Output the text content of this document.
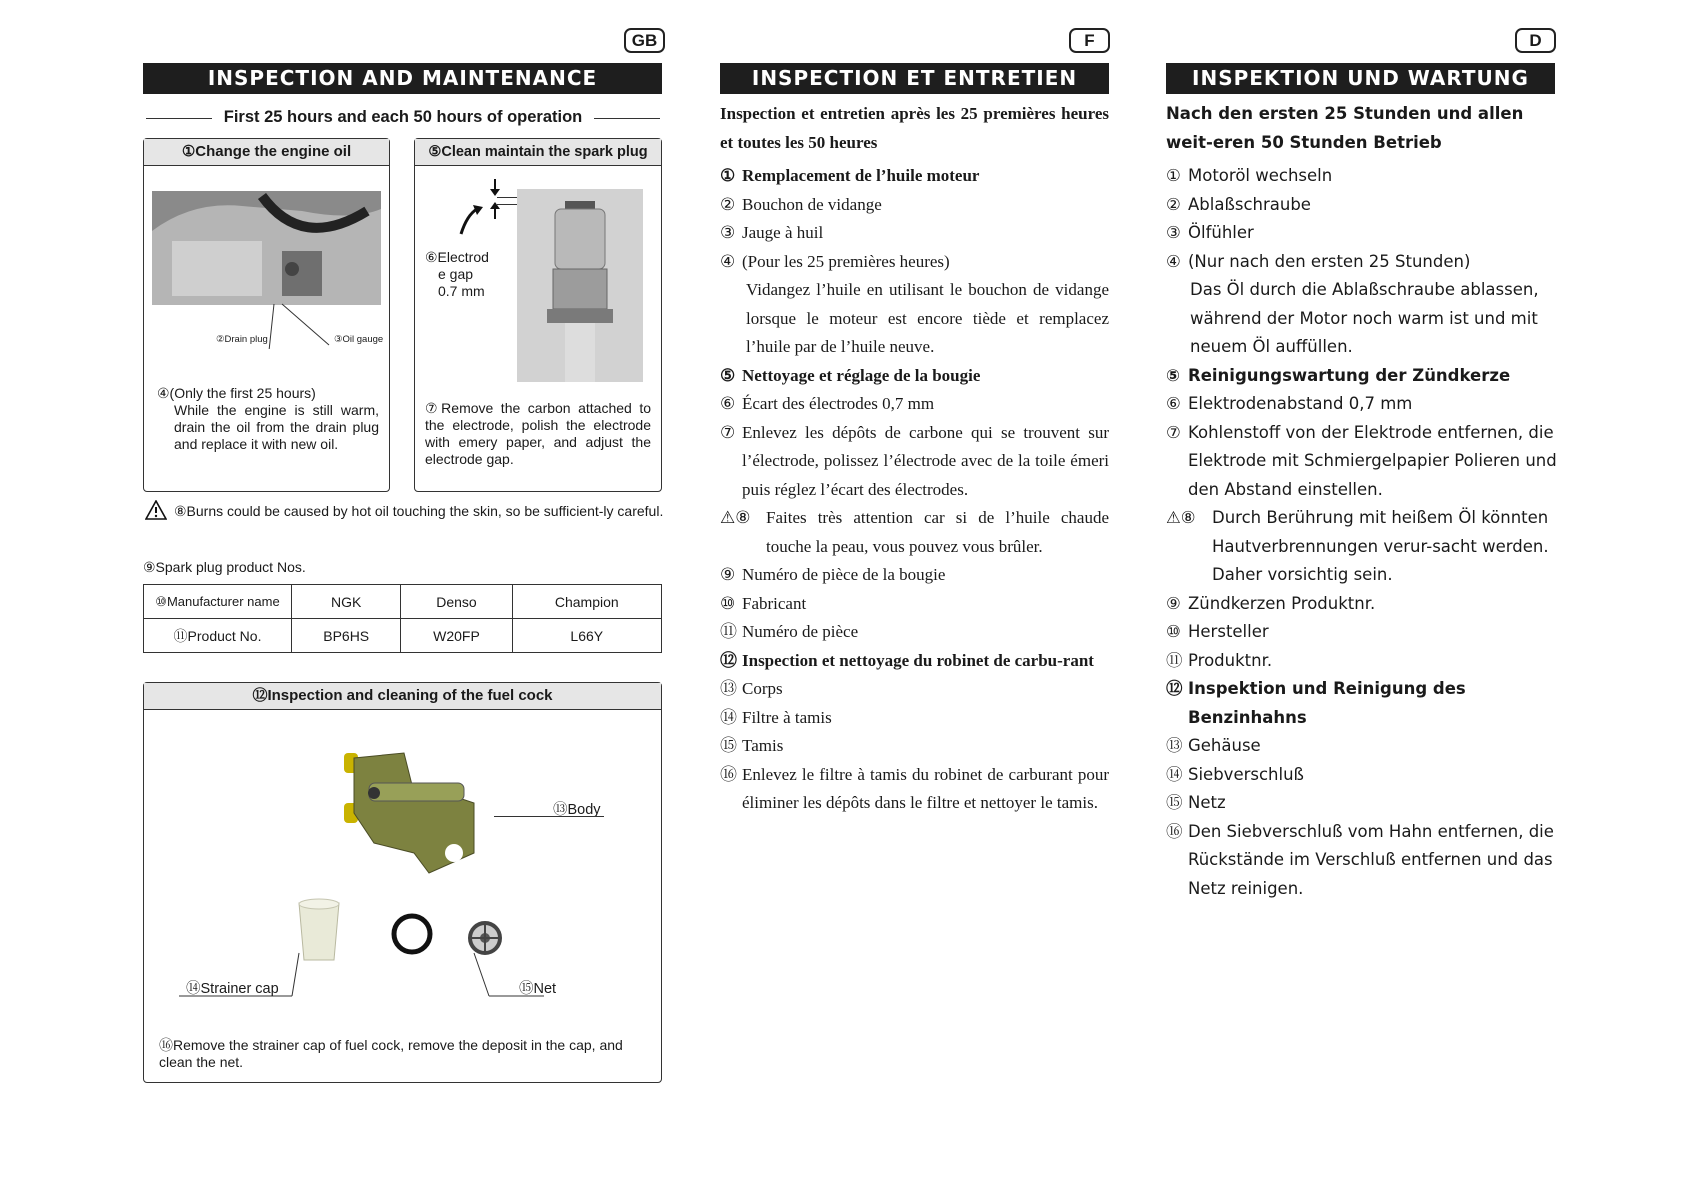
GB
INSPECTION AND MAINTENANCE
First 25 hours and each 50 hours of operation
①Change the engine oil
②Drain plug	③Oil gauge
④(Only the first 25 hours)
While the engine is still warm, drain the oil from the drain plug and replace it with new oil.
⑤Clean maintain the spark plug
⑥Electrod
e gap
0.7 mm
⑦Remove the carbon attached to the electrode, polish the electrode with emery paper, and adjust the electrode gap.
⑧Burns could be caused by hot oil touching the skin, so be sufficient-ly careful.
⑨Spark plug product Nos.
⑩Manufacturer name	NGK	Denso	Champion
⑪Product No.	BP6HS	W20FP	L66Y
⑫Inspection and cleaning of the fuel cock
⑬Body
⑭Strainer cap	⑮Net
⑯Remove the strainer cap of fuel cock, remove the deposit in the cap, and clean the net.
F
INSPECTION ET ENTRETIEN
Inspection et entretien après les 25 premières heures et toutes les 50 heures
① Remplacement de l’huile moteur
② Bouchon de vidange
③ Jauge à huil
④ (Pour les 25 premières heures)
Vidangez l’huile en utilisant le bouchon de vidange lorsque le moteur est encore tiède et remplacez l’huile par de l’huile neuve.
⑤ Nettoyage et réglage de la bougie
⑥ Écart des électrodes 0,7 mm
⑦ Enlevez les dépôts de carbone qui se trouvent sur l’électrode, polissez l’électrode avec de la toile émeri puis réglez l’écart des électrodes.
⚠⑧ Faites très attention car si de l’huile chaude touche la peau, vous pouvez vous brûler.
⑨ Numéro de pièce de la bougie
⑩ Fabricant
⑪ Numéro de pièce
⑫ Inspection et nettoyage du robinet de carbu-rant
⑬ Corps
⑭ Filtre à tamis
⑮ Tamis
⑯ Enlevez le filtre à tamis du robinet de carburant pour éliminer les dépôts dans le filtre et nettoyer le tamis.
D
INSPEKTION UND WARTUNG
Nach den ersten 25 Stunden und allen weit-eren 50 Stunden Betrieb
① Motoröl wechseln
② Ablaßschraube
③ Ölfühler
④ (Nur nach den ersten 25 Stunden)
Das Öl durch die Ablaßschraube ablassen, während der Motor noch warm ist und mit neuem Öl auffüllen.
⑤ Reinigungswartung der Zündkerze
⑥ Elektrodenabstand 0,7 mm
⑦ Kohlenstoff von der Elektrode entfernen, die Elektrode mit Schmiergelpapier Polieren und den Abstand einstellen.
⚠⑧ Durch Berührung mit heißem Öl könnten Hautverbrennungen verur-sacht werden. Daher vorsichtig sein.
⑨ Zündkerzen Produktnr.
⑩ Hersteller
⑪ Produktnr.
⑫ Inspektion und Reinigung des Benzinhahns
⑬ Gehäuse
⑭ Siebverschluß
⑮ Netz
⑯ Den Siebverschluß vom Hahn entfernen, die Rückstände im Verschluß entfernen und das Netz reinigen.
